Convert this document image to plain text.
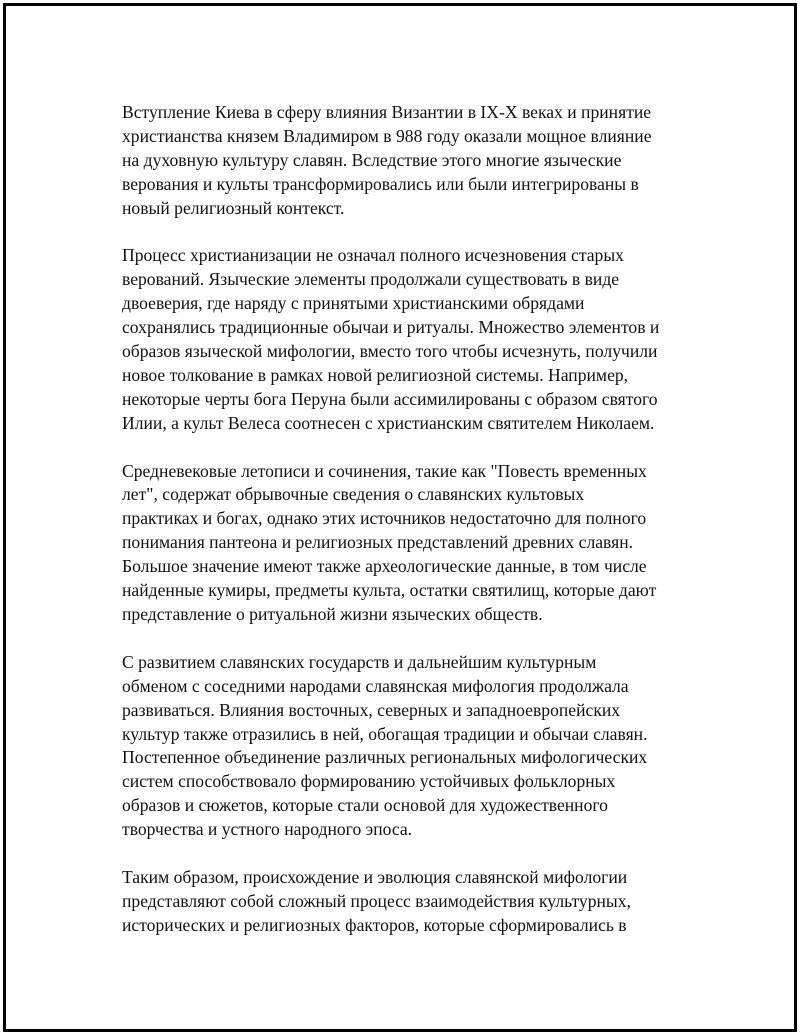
Вступление Киева в сферу влияния Византии в IX-X веках и принятие
христианства князем Владимиром в 988 году оказали мощное влияние
на духовную культуру славян. Вследствие этого многие языческие
верования и культы трансформировались или были интегрированы в
новый религиозный контекст.

Процесс христианизации не означал полного исчезновения старых
верований. Языческие элементы продолжали существовать в виде
двоеверия, где наряду с принятыми христианскими обрядами
сохранялись традиционные обычаи и ритуалы. Множество элементов и
образов языческой мифологии, вместо того чтобы исчезнуть, получили
новое толкование в рамках новой религиозной системы. Например,
некоторые черты бога Перуна были ассимилированы с образом святого
Илии, а культ Велеса соотнесен с христианским святителем Николаем.

Средневековые летописи и сочинения, такие как "Повесть временных
лет", содержат обрывочные сведения о славянских культовых
практиках и богах, однако этих источников недостаточно для полного
понимания пантеона и религиозных представлений древних славян.
Большое значение имеют также археологические данные, в том числе
найденные кумиры, предметы культа, остатки святилищ, которые дают
представление о ритуальной жизни языческих обществ.

С развитием славянских государств и дальнейшим культурным
обменом с соседними народами славянская мифология продолжала
развиваться. Влияния восточных, северных и западноевропейских
культур также отразились в ней, обогащая традиции и обычаи славян.
Постепенное объединение различных региональных мифологических
систем способствовало формированию устойчивых фольклорных
образов и сюжетов, которые стали основой для художественного
творчества и устного народного эпоса.

Таким образом, происхождение и эволюция славянской мифологии
представляют собой сложный процесс взаимодействия культурных,
исторических и религиозных факторов, которые сформировались в
